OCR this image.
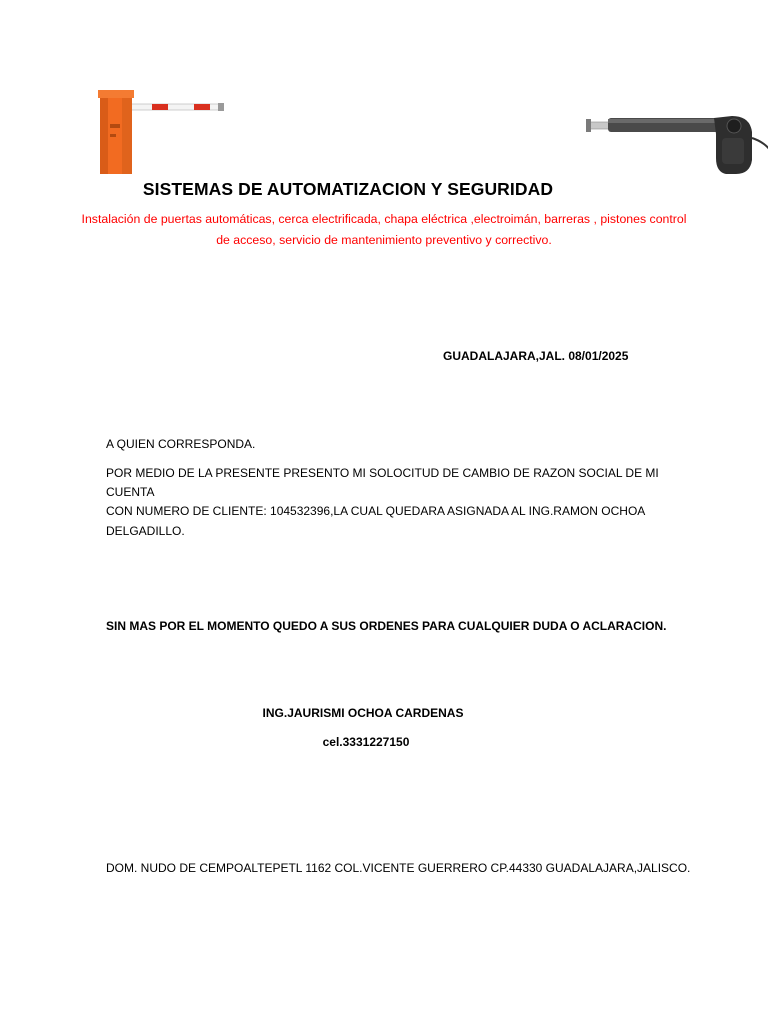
SISTEMAS DE AUTOMATIZACION Y SEGURIDAD
Instalación de puertas automáticas, cerca electrificada, chapa eléctrica ,electroimán, barreras , pistones control
de acceso, servicio de mantenimiento preventivo y correctivo.
GUADALAJARA,JAL. 08/01/2025
A QUIEN CORRESPONDA.
POR MEDIO DE LA PRESENTE PRESENTO MI SOLOCITUD DE CAMBIO DE RAZON SOCIAL DE MI CUENTA
CON NUMERO DE CLIENTE: 104532396,LA CUAL QUEDARA ASIGNADA AL ING.RAMON OCHOA
DELGADILLO.
SIN MAS POR EL MOMENTO QUEDO A SUS ORDENES PARA CUALQUIER DUDA O ACLARACION.
ING.JAURISMI OCHOA CARDENAS
cel.3331227150
DOM. NUDO DE CEMPOALTEPETL 1162 COL.VICENTE GUERRERO CP.44330 GUADALAJARA,JALISCO.
